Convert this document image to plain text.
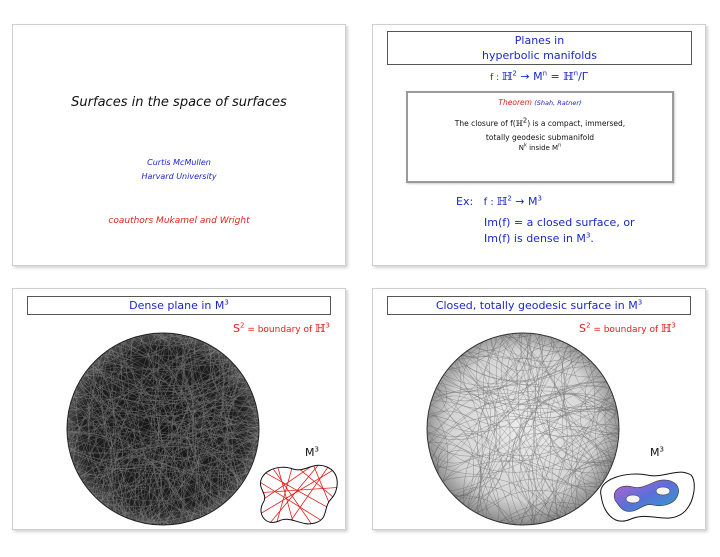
Surfaces in the space of surfaces
Curtis McMullen
Harvard University
coauthors Mukamel and Wright
Planes in
hyperbolic manifolds
f : ℍ$^2$ → $M^n$ = ℍ$^n$/Γ
Theorem (Shah, Ratner)
The closure of f(ℍ2) is a compact, immersed,
totally geodesic submanifold
$N^k$ inside $M^n$
Ex: f : ℍ$^2$ → $M^3$
Im(f) = a closed surface, or
Im(f) is dense in $M^3$.
Dense plane in $M^3$
$S^2$ = boundary of ℍ$^3$
$M^3$
Closed, totally geodesic surface in $M^3$
$S^2$ = boundary of ℍ$^3$
$M^3$
